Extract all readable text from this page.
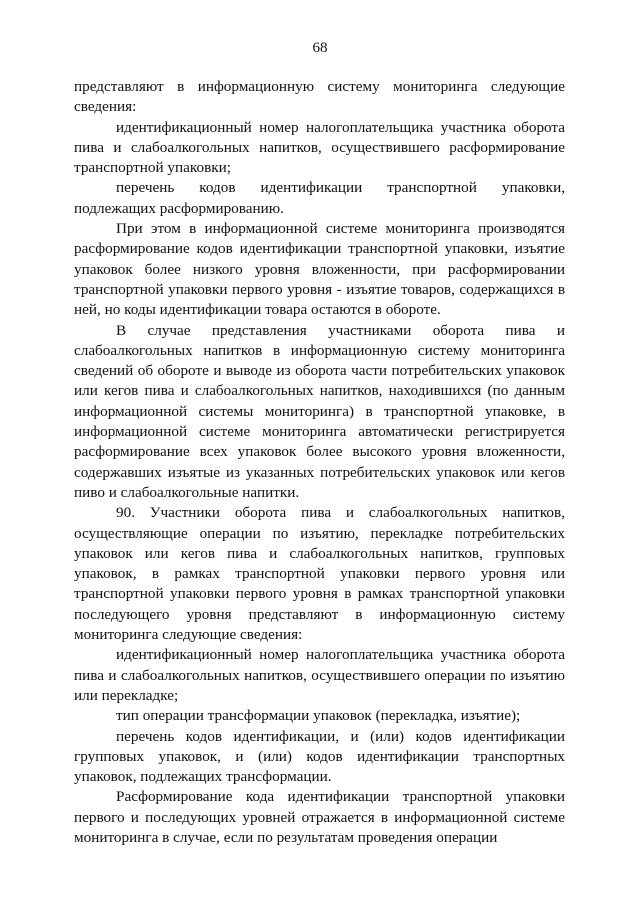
68

представляют в информационную систему мониторинга следующие сведения:

идентификационный номер налогоплательщика участника оборота пива и слабоалкогольных напитков, осуществившего расформирование транспортной упаковки;

перечень кодов идентификации транспортной упаковки, подлежащих расформированию.

При этом в информационной системе мониторинга производятся расформирование кодов идентификации транспортной упаковки, изъятие упаковок более низкого уровня вложенности, при расформировании транспортной упаковки первого уровня - изъятие товаров, содержащихся в ней, но коды идентификации товара остаются в обороте.

В случае представления участниками оборота пива и слабоалкогольных напитков в информационную систему мониторинга сведений об обороте и выводе из оборота части потребительских упаковок или кегов пива и слабоалкогольных напитков, находившихся (по данным информационной системы мониторинга) в транспортной упаковке, в информационной системе мониторинга автоматически регистрируется расформирование всех упаковок более высокого уровня вложенности, содержавших изъятые из указанных потребительских упаковок или кегов пиво и слабоалкогольные напитки.

90. Участники оборота пива и слабоалкогольных напитков, осуществляющие операции по изъятию, перекладке потребительских упаковок или кегов пива и слабоалкогольных напитков, групповых упаковок, в рамках транспортной упаковки первого уровня или транспортной упаковки первого уровня в рамках транспортной упаковки последующего уровня представляют в информационную систему мониторинга следующие сведения:

идентификационный номер налогоплательщика участника оборота пива и слабоалкогольных напитков, осуществившего операции по изъятию или перекладке;

тип операции трансформации упаковок (перекладка, изъятие);

перечень кодов идентификации, и (или) кодов идентификации групповых упаковок, и (или) кодов идентификации транспортных упаковок, подлежащих трансформации.

Расформирование кода идентификации транспортной упаковки первого и последующих уровней отражается в информационной системе мониторинга в случае, если по результатам проведения операции
